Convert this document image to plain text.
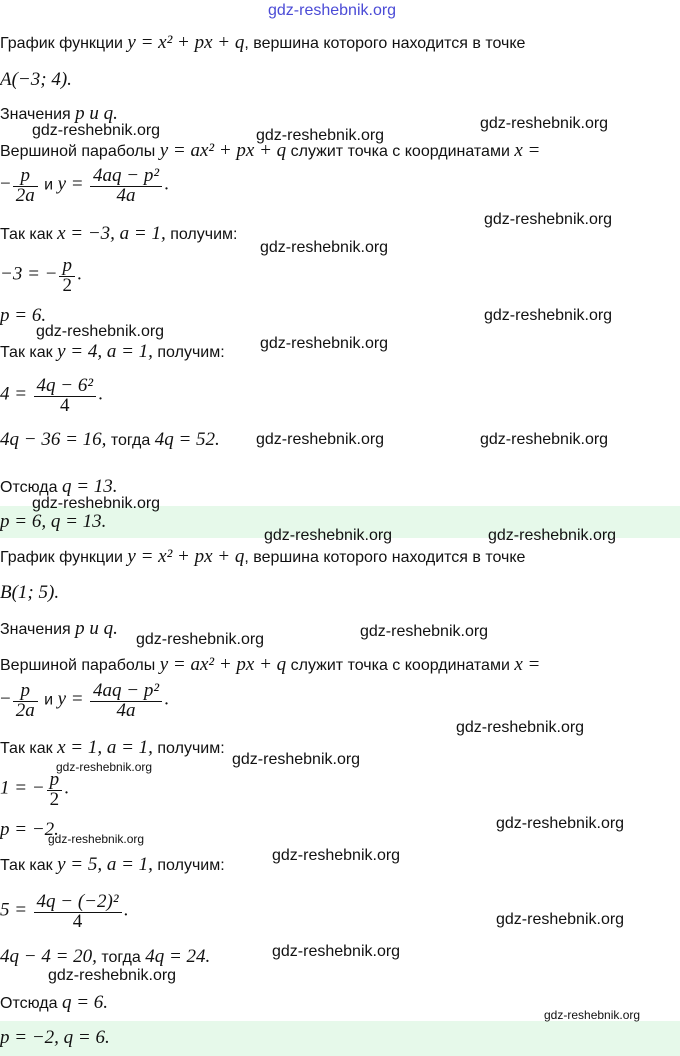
График функции y = x² + px + q, вершина которого находится в точке
A(−3; 4).
Значения p и q.
Вершиной параболы y = ax² + px + q служит точка с координатами x =
− $\frac{p}{2a}$ и $y = \frac{\text{4aq − p²}}{4a}$ .
Так как x = −3, a = 1, получим:
−3 = − $\frac{p}{2}$ .
p = 6.
Так как y = 4, a = 1, получим:
$4 = \frac{\text{4q − 6²}}{4}$ .
4q − 36 = 16, тогда 4q = 52.
Отсюда q = 13.
p = 6, q = 13.
График функции y = x² + px + q, вершина которого находится в точке
B(1; 5).
Значения p и q.
Вершиной параболы y = ax² + px + q служит точка с координатами x =
− $\frac{p}{2a}$ и $y = \frac{\text{4aq − p²}}{4a}$ .
Так как x = 1, a = 1, получим:
1 = − $\frac{p}{2}$ .
p = −2.
Так как y = 5, a = 1, получим:
$5 = \frac{\text{4q − (−2)²}}{4}$ .
4q − 4 = 20, тогда 4q = 24.
Отсюда q = 6.
p = −2, q = 6.
gdz-reshebnik.org
gdz-reshebnik.org	gdz-reshebnik.org
gdz-reshebnik.org
gdz-reshebnik.org
gdz-reshebnik.org
gdz-reshebnik.org
gdz-reshebnik.org
gdz-reshebnik.org
gdz-reshebnik.org	gdz-reshebnik.org
gdz-reshebnik.org
gdz-reshebnik.org	gdz-reshebnik.org
gdz-reshebnik.org	gdz-reshebnik.org
gdz-reshebnik.org
gdz-reshebnik.org	gdz-reshebnik.org
gdz-reshebnik.org
gdz-reshebnik.org
gdz-reshebnik.org
gdz-reshebnik.org
gdz-reshebnik.org
gdz-reshebnik.org
gdz-reshebnik.org
